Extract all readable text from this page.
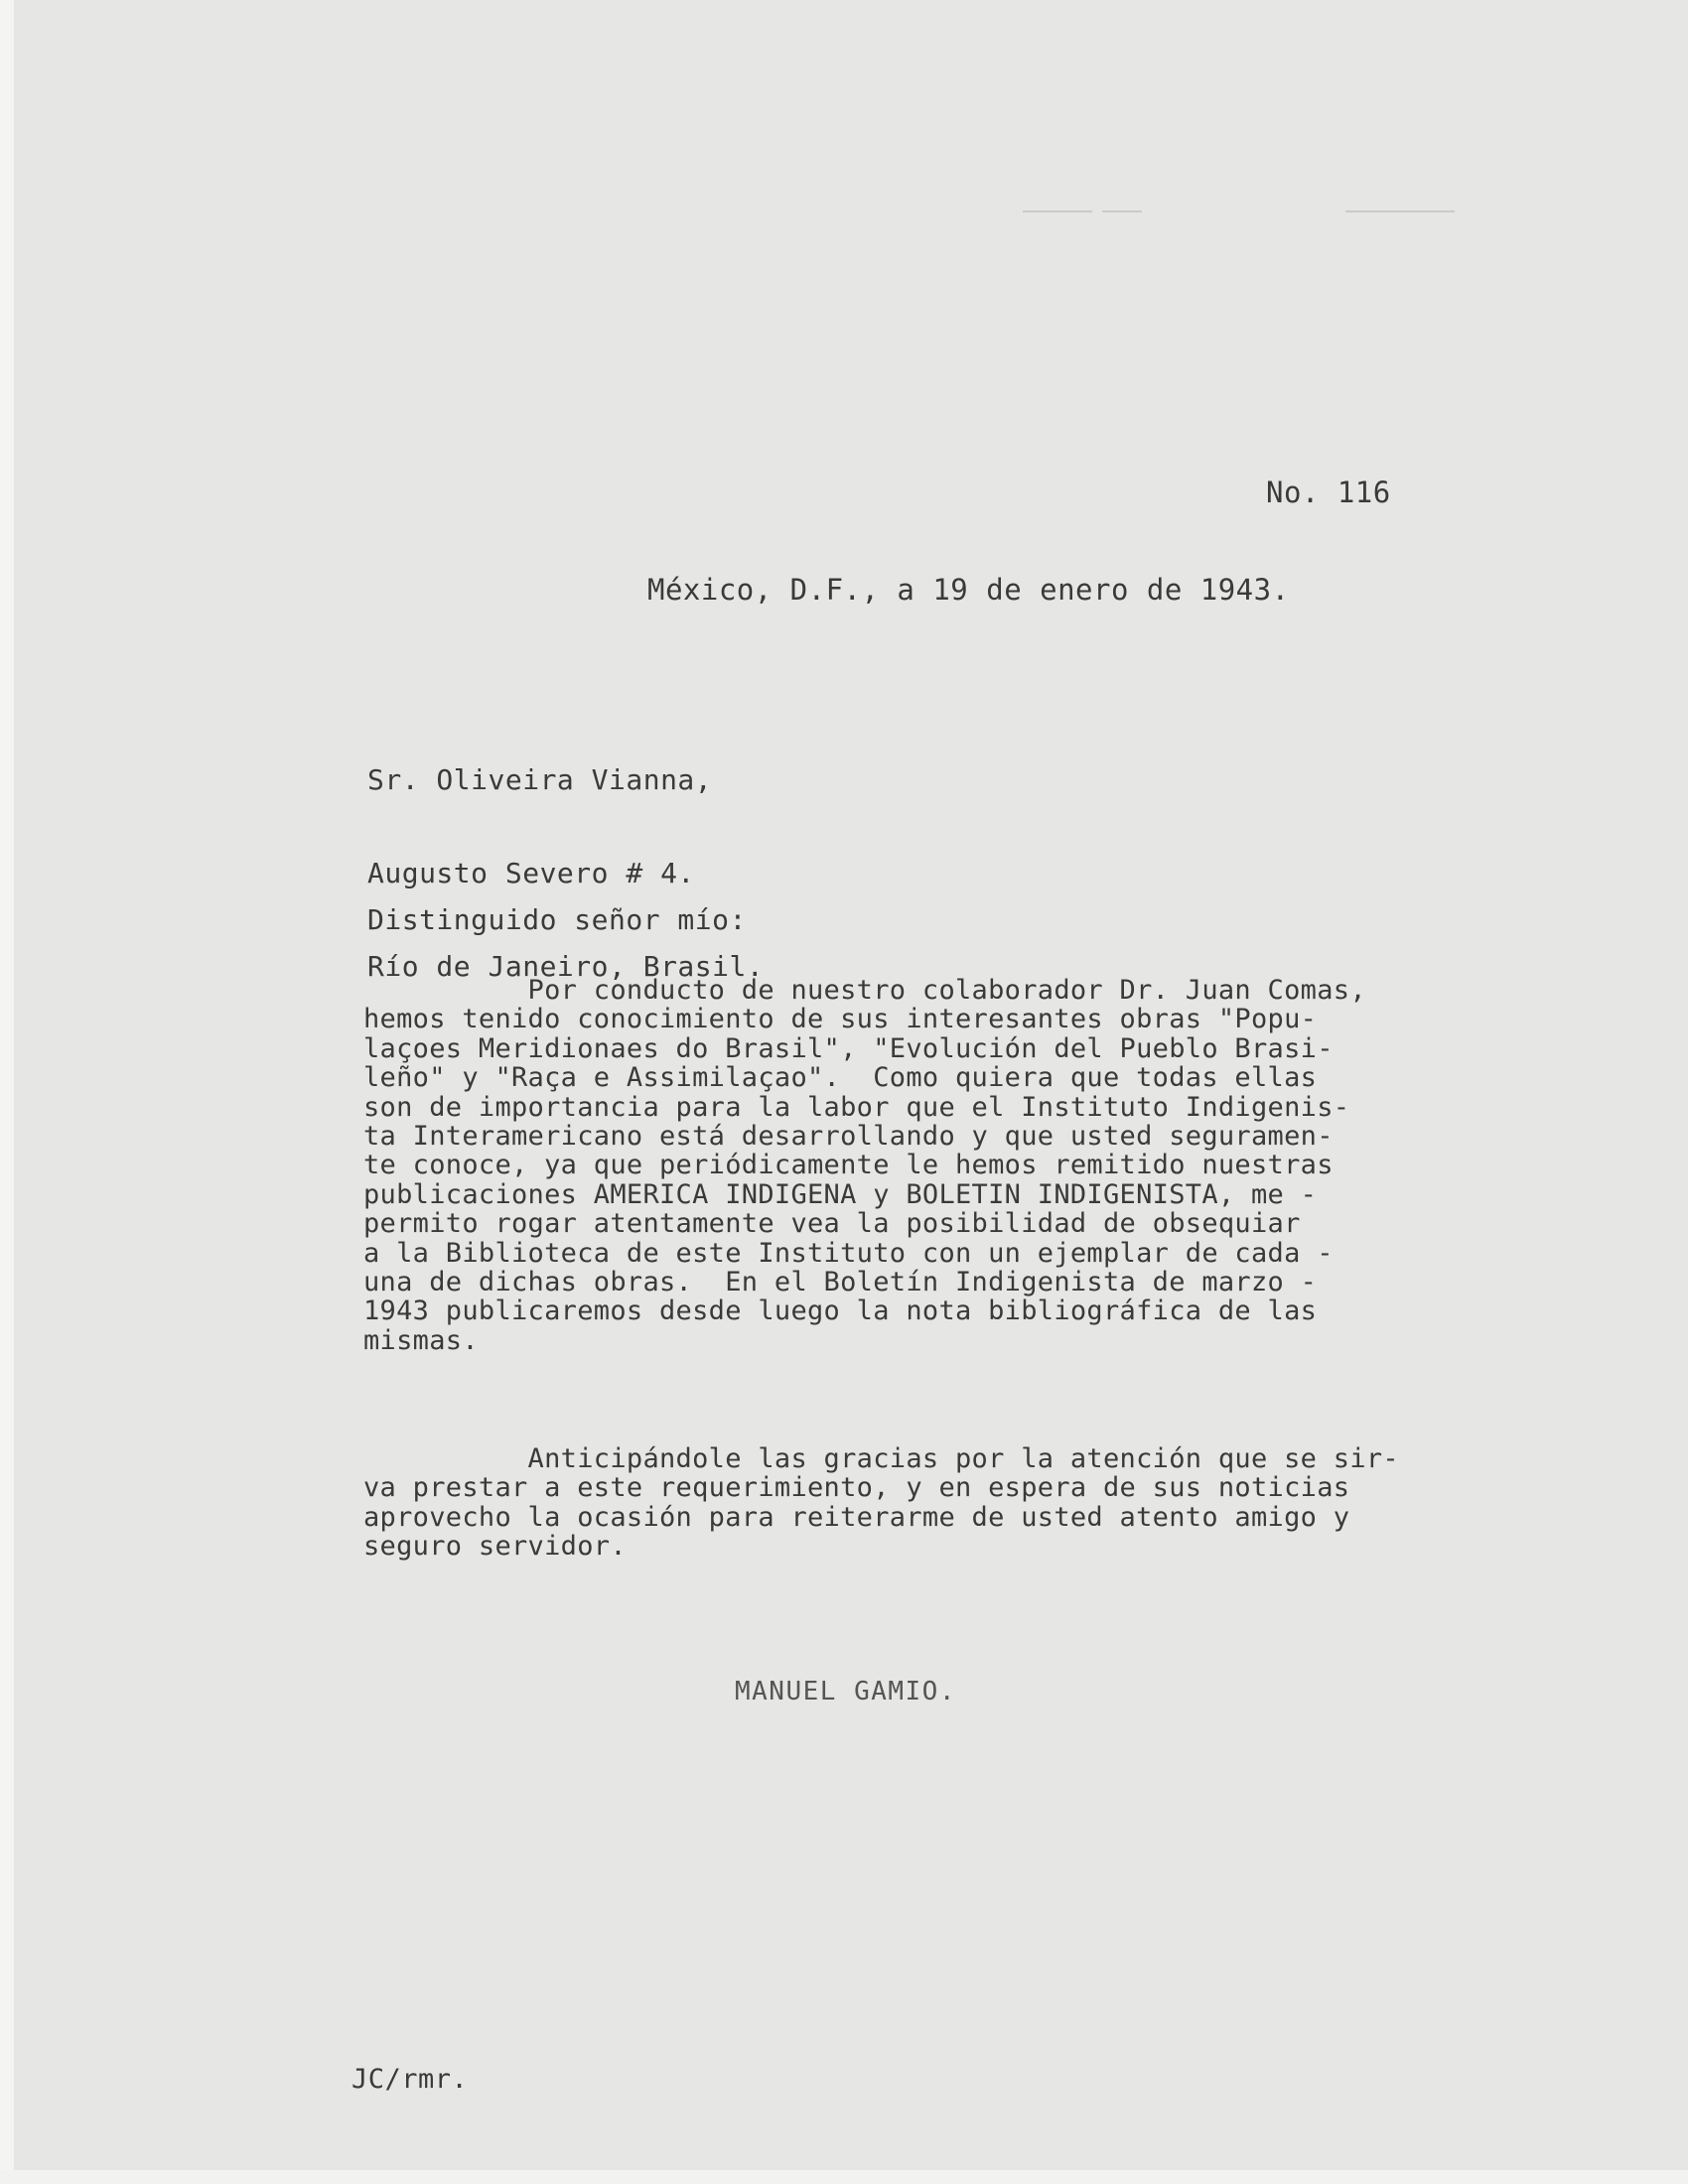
No. 116

México, D.F., a 19 de enero de 1943.

Sr. Oliveira Vianna,

Augusto Severo # 4.

Río de Janeiro, Brasil.

Distinguido señor mío:

Por conducto de nuestro colaborador Dr. Juan Comas,
hemos tenido conocimiento de sus interesantes obras "Popu-
laçoes Meridionaes do Brasil", "Evolución del Pueblo Brasi-
leño" y "Raça e Assimilaçao".  Como quiera que todas ellas
son de importancia para la labor que el Instituto Indigenis-
ta Interamericano está desarrollando y que usted seguramen-
te conoce, ya que periódicamente le hemos remitido nuestras
publicaciones AMERICA INDIGENA y BOLETIN INDIGENISTA, me -
permito rogar atentamente vea la posibilidad de obsequiar
a la Biblioteca de este Instituto con un ejemplar de cada -
una de dichas obras.  En el Boletín Indigenista de marzo -
1943 publicaremos desde luego la nota bibliográfica de las
mismas.
Anticipándole las gracias por la atención que se sir-
va prestar a este requerimiento, y en espera de sus noticias
aprovecho la ocasión para reiterarme de usted atento amigo y
seguro servidor.

MANUEL GAMIO.

JC/rmr.
